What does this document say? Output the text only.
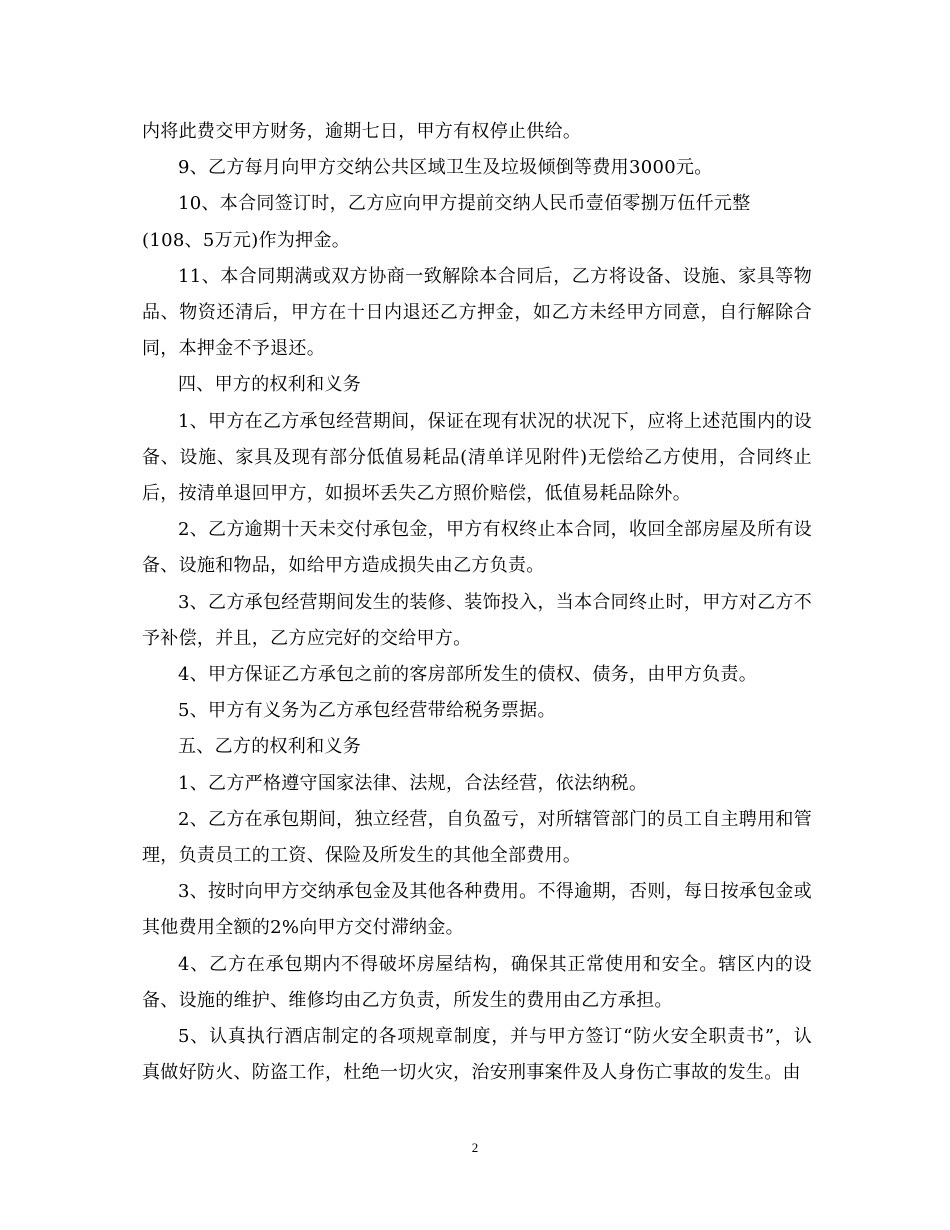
内将此费交甲方财务，逾期七日，甲方有权停止供给。

9、乙方每月向甲方交纳公共区域卫生及垃圾倾倒等费用3000元。

10、本合同签订时，乙方应向甲方提前交纳人民币壹佰零捌万伍仟元整

(108、5万元)作为押金。

11、本合同期满或双方协商一致解除本合同后，乙方将设备、设施、家具等物品、物资还清后，甲方在十日内退还乙方押金，如乙方未经甲方同意，自行解除合同，本押金不予退还。

四、甲方的权利和义务

1、甲方在乙方承包经营期间，保证在现有状况的状况下，应将上述范围内的设备、设施、家具及现有部分低值易耗品(清单详见附件)无偿给乙方使用，合同终止后，按清单退回甲方，如损坏丢失乙方照价赔偿，低值易耗品除外。

2、乙方逾期十天未交付承包金，甲方有权终止本合同，收回全部房屋及所有设备、设施和物品，如给甲方造成损失由乙方负责。

3、乙方承包经营期间发生的装修、装饰投入，当本合同终止时，甲方对乙方不予补偿，并且，乙方应完好的交给甲方。

4、甲方保证乙方承包之前的客房部所发生的债权、债务，由甲方负责。

5、甲方有义务为乙方承包经营带给税务票据。

五、乙方的权利和义务

1、乙方严格遵守国家法律、法规，合法经营，依法纳税。

2、乙方在承包期间，独立经营，自负盈亏，对所辖管部门的员工自主聘用和管理，负责员工的工资、保险及所发生的其他全部费用。

3、按时向甲方交纳承包金及其他各种费用。不得逾期，否则，每日按承包金或其他费用全额的2%向甲方交付滞纳金。

4、乙方在承包期内不得破坏房屋结构，确保其正常使用和安全。辖区内的设备、设施的维护、维修均由乙方负责，所发生的费用由乙方承担。

5、认真执行酒店制定的各项规章制度，并与甲方签订“防火安全职责书”，认真做好防火、防盗工作，杜绝一切火灾，治安刑事案件及人身伤亡事故的发生。由

2
